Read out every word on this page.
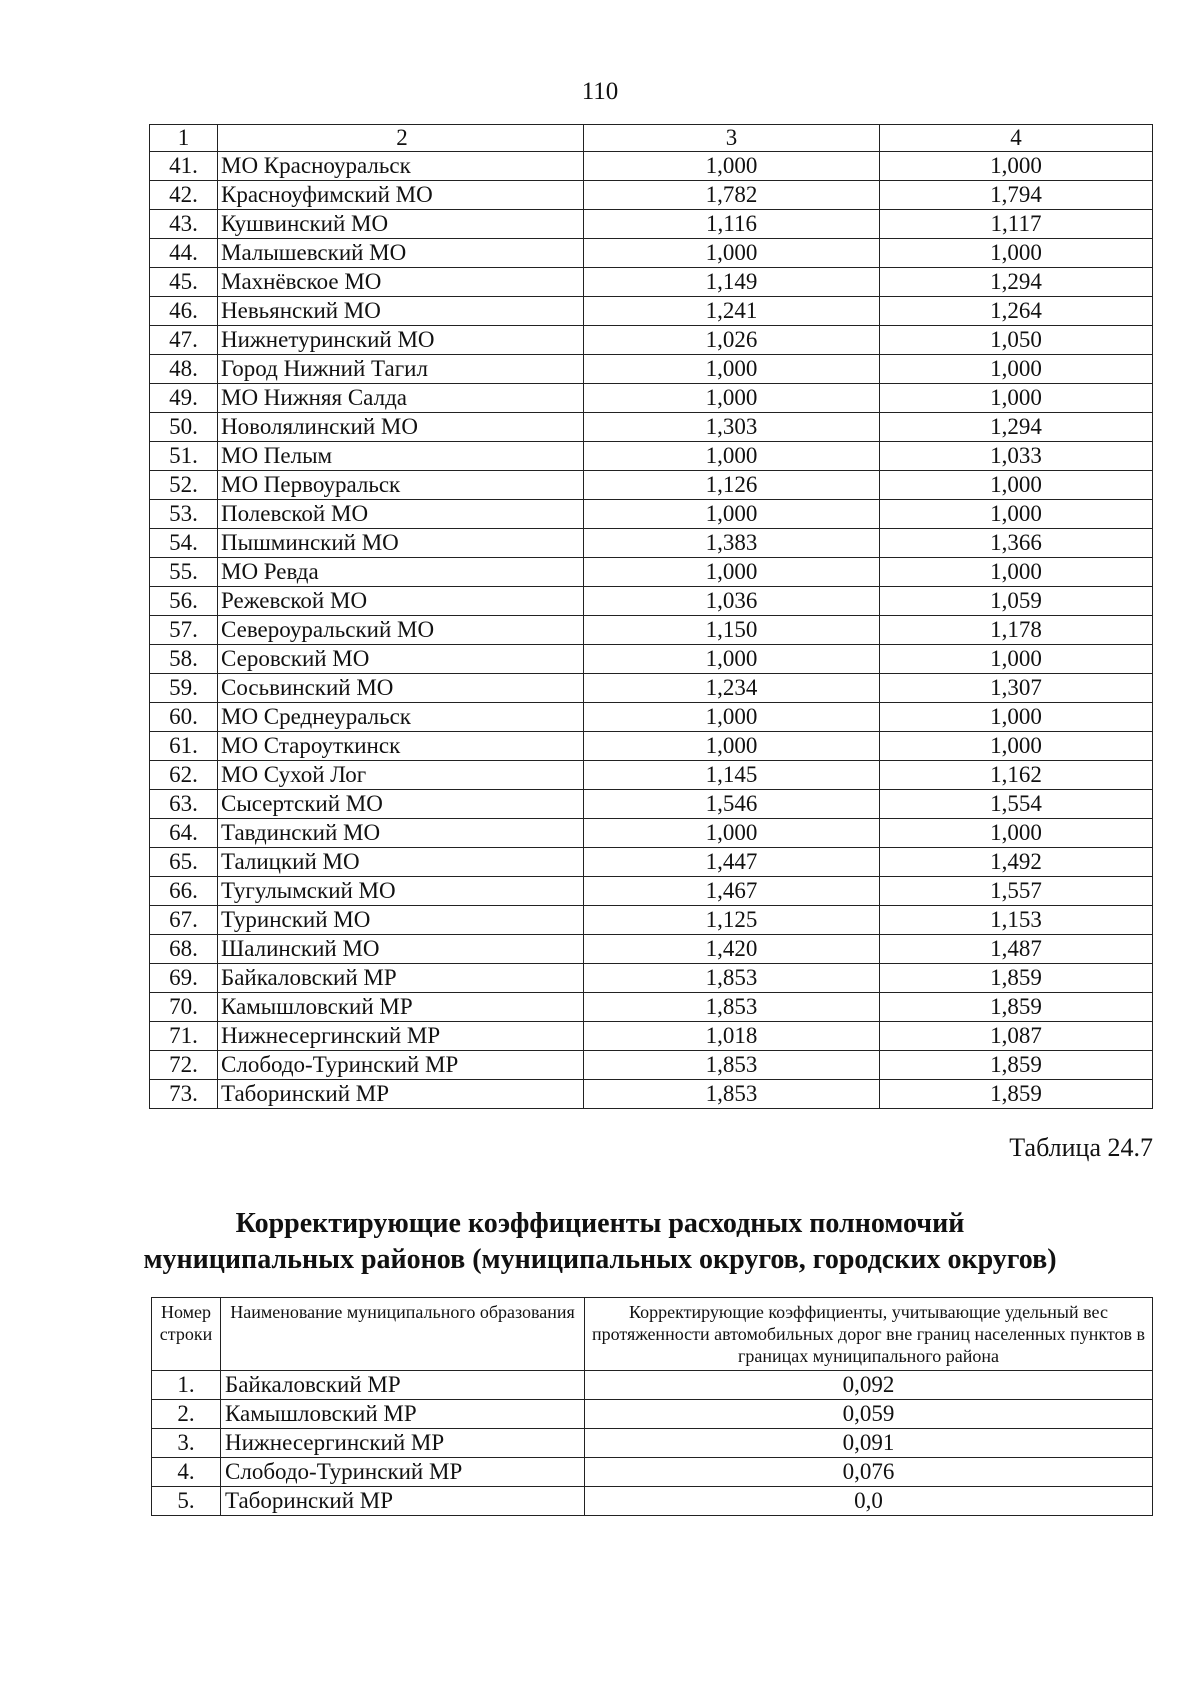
110
1	2	3	4
41.	МО Красноуральск	1,000	1,000
42.	Красноуфимский МО	1,782	1,794
43.	Кушвинский МО	1,116	1,117
44.	Малышевский МО	1,000	1,000
45.	Махнёвское МО	1,149	1,294
46.	Невьянский МО	1,241	1,264
47.	Нижнетуринский МО	1,026	1,050
48.	Город Нижний Тагил	1,000	1,000
49.	МО Нижняя Салда	1,000	1,000
50.	Новолялинский МО	1,303	1,294
51.	МО Пелым	1,000	1,033
52.	МО Первоуральск	1,126	1,000
53.	Полевской МО	1,000	1,000
54.	Пышминский МО	1,383	1,366
55.	МО Ревда	1,000	1,000
56.	Режевской МО	1,036	1,059
57.	Североуральский МО	1,150	1,178
58.	Серовский МО	1,000	1,000
59.	Сосьвинский МО	1,234	1,307
60.	МО Среднеуральск	1,000	1,000
61.	МО Староуткинск	1,000	1,000
62.	МО Сухой Лог	1,145	1,162
63.	Сысертский МО	1,546	1,554
64.	Тавдинский МО	1,000	1,000
65.	Талицкий МО	1,447	1,492
66.	Тугулымский МО	1,467	1,557
67.	Туринский МО	1,125	1,153
68.	Шалинский МО	1,420	1,487
69.	Байкаловский МР	1,853	1,859
70.	Камышловский МР	1,853	1,859
71.	Нижнесергинский МР	1,018	1,087
72.	Слободо-Туринский МР	1,853	1,859
73.	Таборинский МР	1,853	1,859
Таблица 24.7
Корректирующие коэффициенты расходных полномочий
муниципальных районов (муниципальных округов, городских округов)
Номер строки	Наименование муниципального образования	Корректирующие коэффициенты, учитывающие удельный вес протяженности автомобильных дорог вне границ населенных пунктов в границах муниципального района
1.	Байкаловский МР	0,092
2.	Камышловский МР	0,059
3.	Нижнесергинский МР	0,091
4.	Слободо-Туринский МР	0,076
5.	Таборинский МР	0,0
